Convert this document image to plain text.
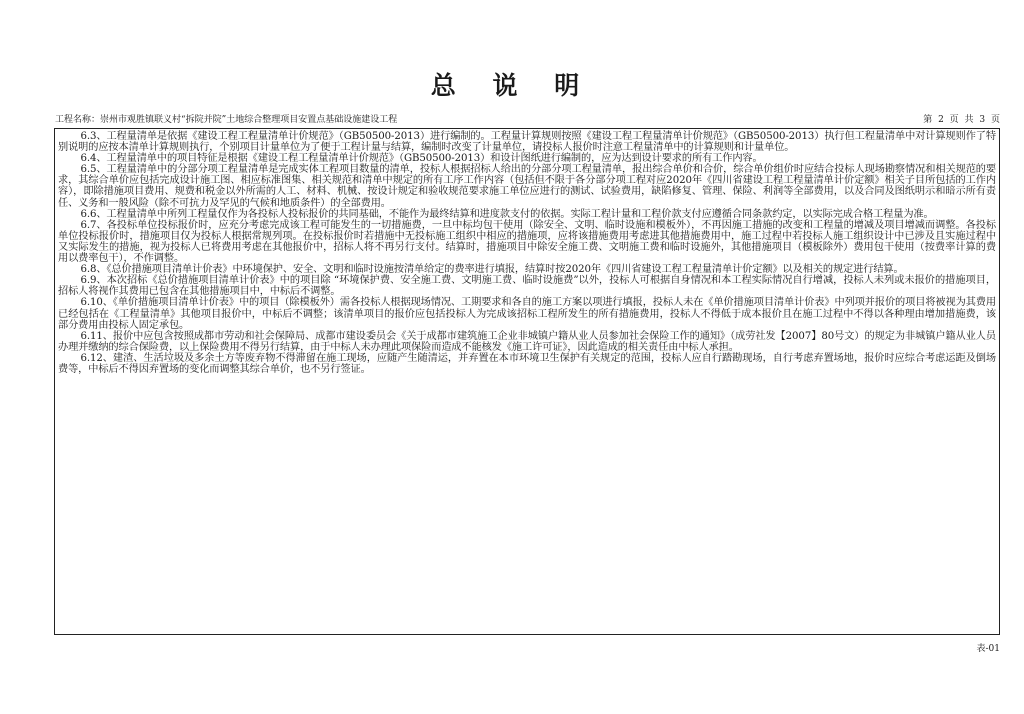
总 说 明
工程名称：崇州市观胜镇联义村“拆院并院”土地综合整理项目安置点基础设施建设工程	第 2 页 共 3 页

6.3、工程量清单是依据《建设工程工程量清单计价规范》（GB50500-2013）进行编制的。工程量计算规则按照《建设工程工程量清单计价规范》（GB50500-2013）执行但工程量清单中对计算规则作了特别说明的应按本清单计算规则执行，个别项目计量单位为了便于工程计量与结算，编制时改变了计量单位，请投标人报价时注意工程量清单中的计算规则和计量单位。

6.4、工程量清单中的项目特征是根据《建设工程工程量清单计价规范》（GB50500-2013）和设计图纸进行编制的，应为达到设计要求的所有工作内容。

6.5、工程量清单中的分部分项工程量清单是完成实体工程项目数量的清单，投标人根据招标人给出的分部分项工程量清单，报出综合单价和合价，综合单价组价时应结合投标人现场勘察情况和相关规范的要求，其综合单价应包括完成设计施工图、相应标准图集、相关规范和清单中规定的所有工序工作内容（包括但不限于各分部分项工程对应2020年《四川省建设工程工程量清单计价定额》相关子目所包括的工作内容），即除措施项目费用、规费和税金以外所需的人工、材料、机械、按设计规定和验收规范要求施工单位应进行的测试、试验费用，缺陷修复、管理、保险、利润等全部费用，以及合同及图纸明示和暗示所有责任、义务和一般风险（除不可抗力及罕见的气候和地质条件）的全部费用。

6.6、工程量清单中所列工程量仅作为各投标人投标报价的共同基础，不能作为最终结算和进度款支付的依据。实际工程计量和工程价款支付应遵循合同条款约定，以实际完成合格工程量为准。

6.7、各投标单位投标报价时，应充分考虑完成该工程可能发生的一切措施费，一旦中标均包干使用（除安全、文明、临时设施和模板外），不再因施工措施的改变和工程量的增减及项目增减而调整。各投标单位投标报价时，措施项目仅为投标人根据常规列项。在投标报价时若措施中无投标施工组织中相应的措施项，应将该措施费用考虑进其他措施费用中，施工过程中若投标人施工组织设计中已涉及且实施过程中又实际发生的措施，视为投标人已将费用考虑在其他报价中，招标人将不再另行支付。结算时，措施项目中除安全施工费、文明施工费和临时设施外，其他措施项目（模板除外）费用包干使用（按费率计算的费用以费率包干），不作调整。

6.8、《总价措施项目清单计价表》中环境保护、安全、文明和临时设施按清单给定的费率进行填报，结算时按2020年《四川省建设工程工程量清单计价定额》以及相关的规定进行结算。

6.9、本次招标《总价措施项目清单计价表》中的项目除 “环境保护费、安全施工费、文明施工费、临时设施费”以外，投标人可根据自身情况和本工程实际情况自行增减，投标人未列或未报价的措施项目，招标人将视作其费用已包含在其他措施项目中，中标后不调整。

6.10、《单价措施项目清单计价表》中的项目（除模板外）需各投标人根据现场情况、工期要求和各自的施工方案以项进行填报，投标人未在《单价措施项目清单计价表》中列项并报价的项目将被视为其费用已经包括在《工程量清单》其他项目报价中，中标后不调整；该清单项目的报价应包括投标人为完成该招标工程所发生的所有措施费用，投标人不得低于成本报价且在施工过程中不得以各种理由增加措施费，该部分费用由投标人固定承包。

6.11、报价中应包含按照成都市劳动和社会保障局、成都市建设委员会《关于成都市建筑施工企业非城镇户籍从业人员参加社会保险工作的通知》（成劳社发【2007】80号文）的规定为非城镇户籍从业人员办理并缴纳的综合保险费，以上保险费用不得另行结算，由于中标人未办理此项保险而造成不能核发《施工许可证》，因此造成的相关责任由中标人承担。

6.12、建渣、生活垃圾及多余土方等废弃物不得滞留在施工现场，应随产生随清运，并弃置在本市环境卫生保护有关规定的范围，投标人应自行踏勘现场，自行考虑弃置场地，报价时应综合考虑运距及倒场费等，中标后不得因弃置场的变化而调整其综合单价，也不另行签证。

表-01
